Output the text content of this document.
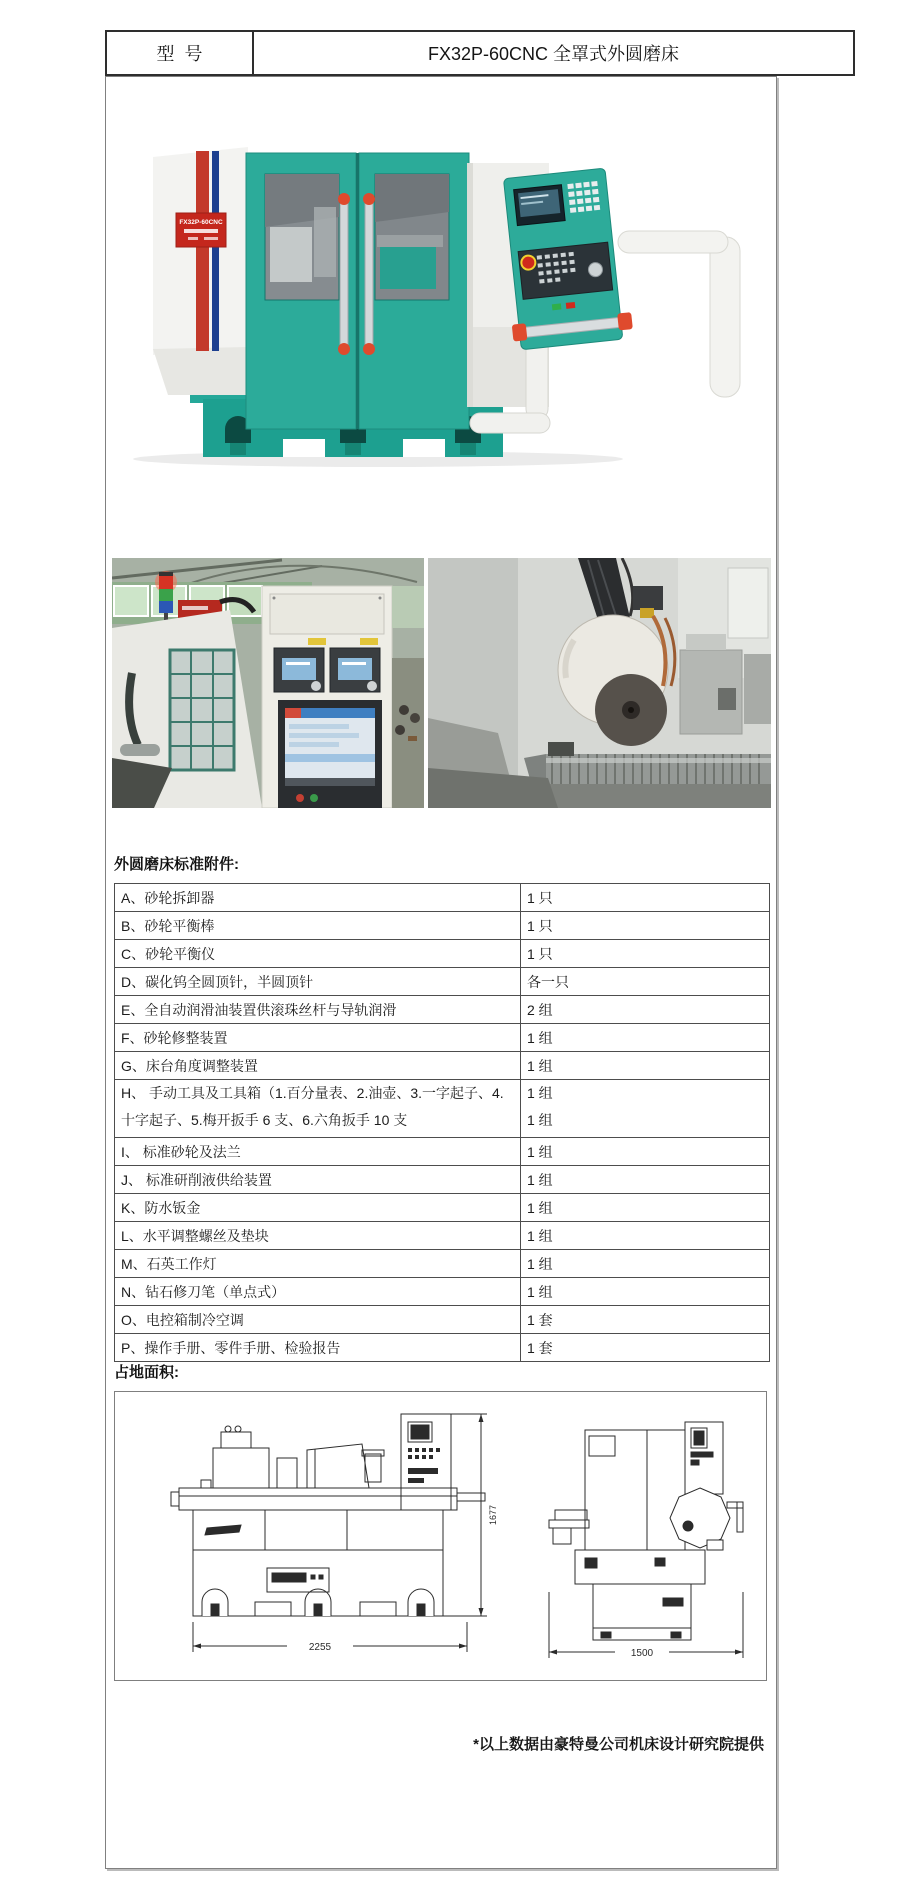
型号	FX32P-60CNC 全罩式外圆磨床
FX32P-60CNC
外圆磨床标准附件:
A、砂轮拆卸器	1 只
B、砂轮平衡棒	1 只
C、砂轮平衡仪	1 只
D、碳化钨全圆顶针，半圆顶针	各一只
E、全自动润滑油装置供滚珠丝杆与导轨润滑	2 组
F、砂轮修整装置	1 组
G、床台角度调整装置	1 组
H、 手动工具及工具箱（1.百分量表、2.油壶、3.一字起子、4.十字起子、5.梅开扳手 6 支、6.六角扳手 10 支	1 组
1 组

I、 标准砂轮及法兰	1 组
J、 标准研削液供给装置	1 组
K、防水钣金	1 组
L、水平调整螺丝及垫块	1 组
M、石英工作灯	1 组
N、钻石修刀笔（单点式）	1 组
O、电控箱制冷空调	1 套
P、操作手册、零件手册、检验报告	1 套
占地面积:
1677
2255
1500
*以上数据由豪特曼公司机床设计研究院提供
